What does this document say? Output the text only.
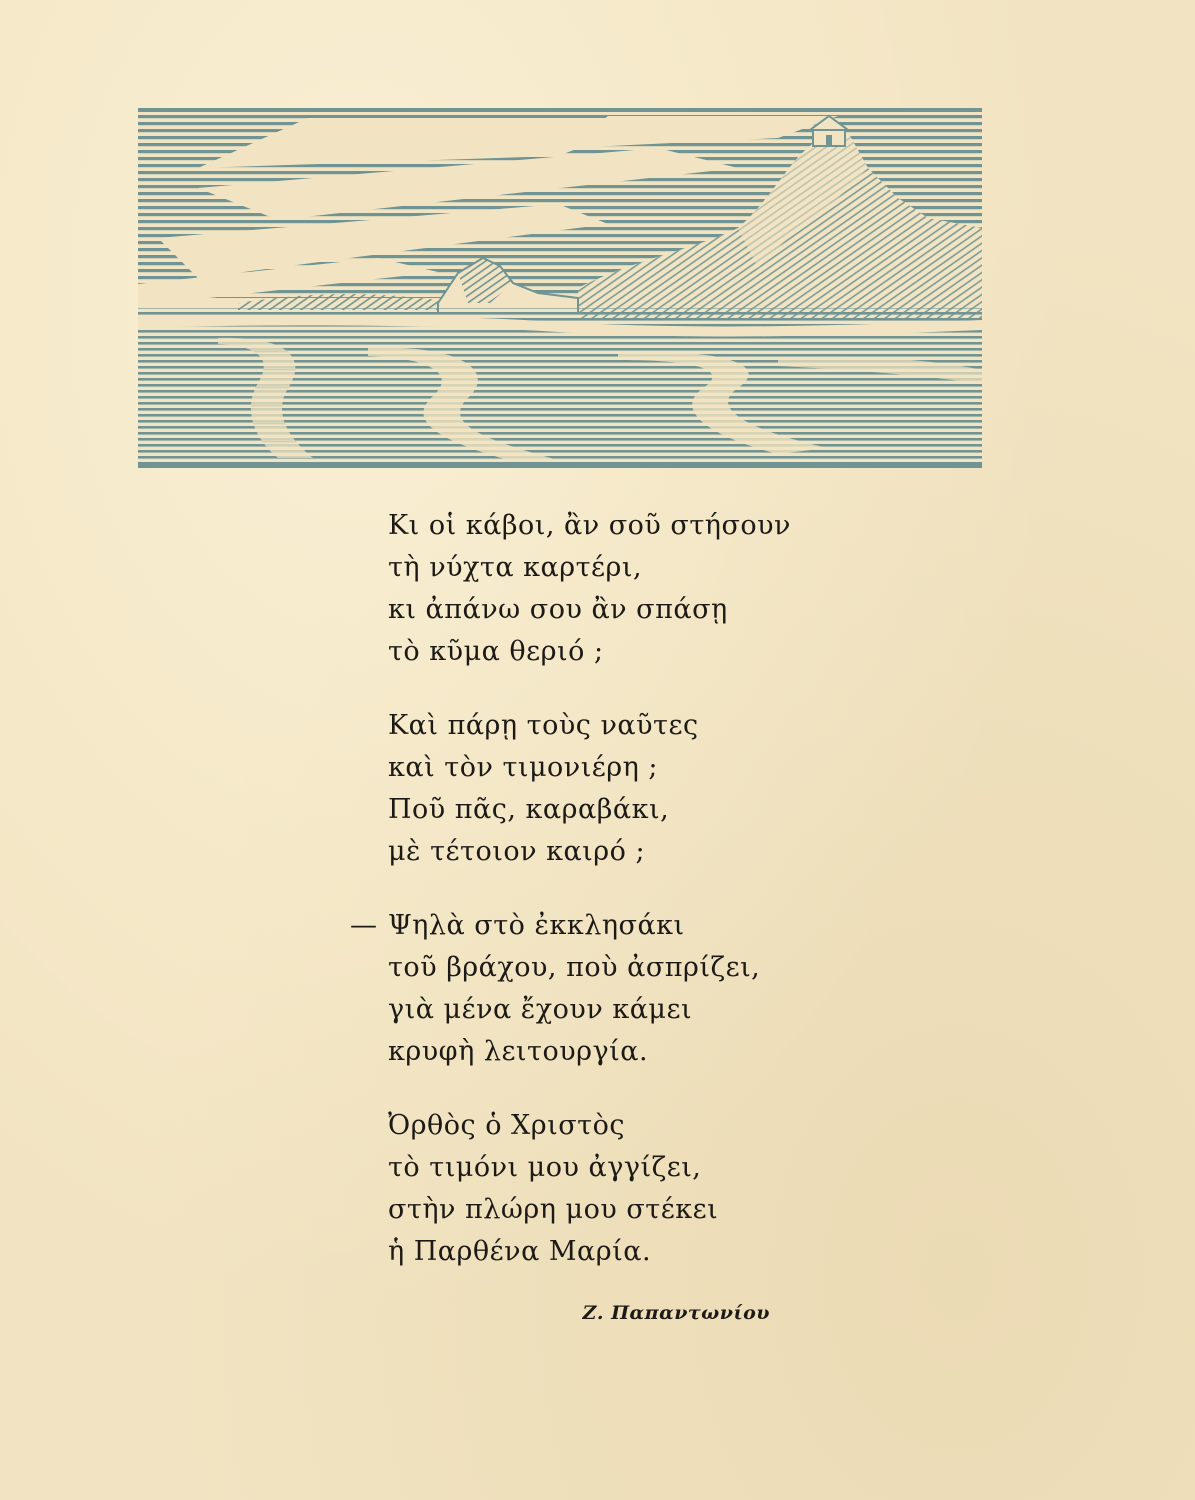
Κι οἱ κάβοι, ἂν σοῦ στήσουν
τὴ νύχτα καρτέρι,
κι ἀπάνω σου ἂν σπάσῃ
τὸ κῦμα θεριό ;
Καὶ πάρῃ τοὺς ναῦτες
καὶ τὸν τιμονιέρη ;
Ποῦ πᾶς, καραβάκι,
μὲ τέτοιον καιρό ;
— Ψηλὰ στὸ ἐκκλησάκι
τοῦ βράχου, ποὺ ἀσπρίζει,
γιὰ μένα ἔχουν κάμει
κρυφὴ λειτουργία.
Ὀρθὸς ὁ Χριστὸς
τὸ τιμόνι μου ἀγγίζει,
στὴν πλώρη μου στέκει
ἡ Παρθένα Μαρία.
Ζ. Παπαντωνίου
